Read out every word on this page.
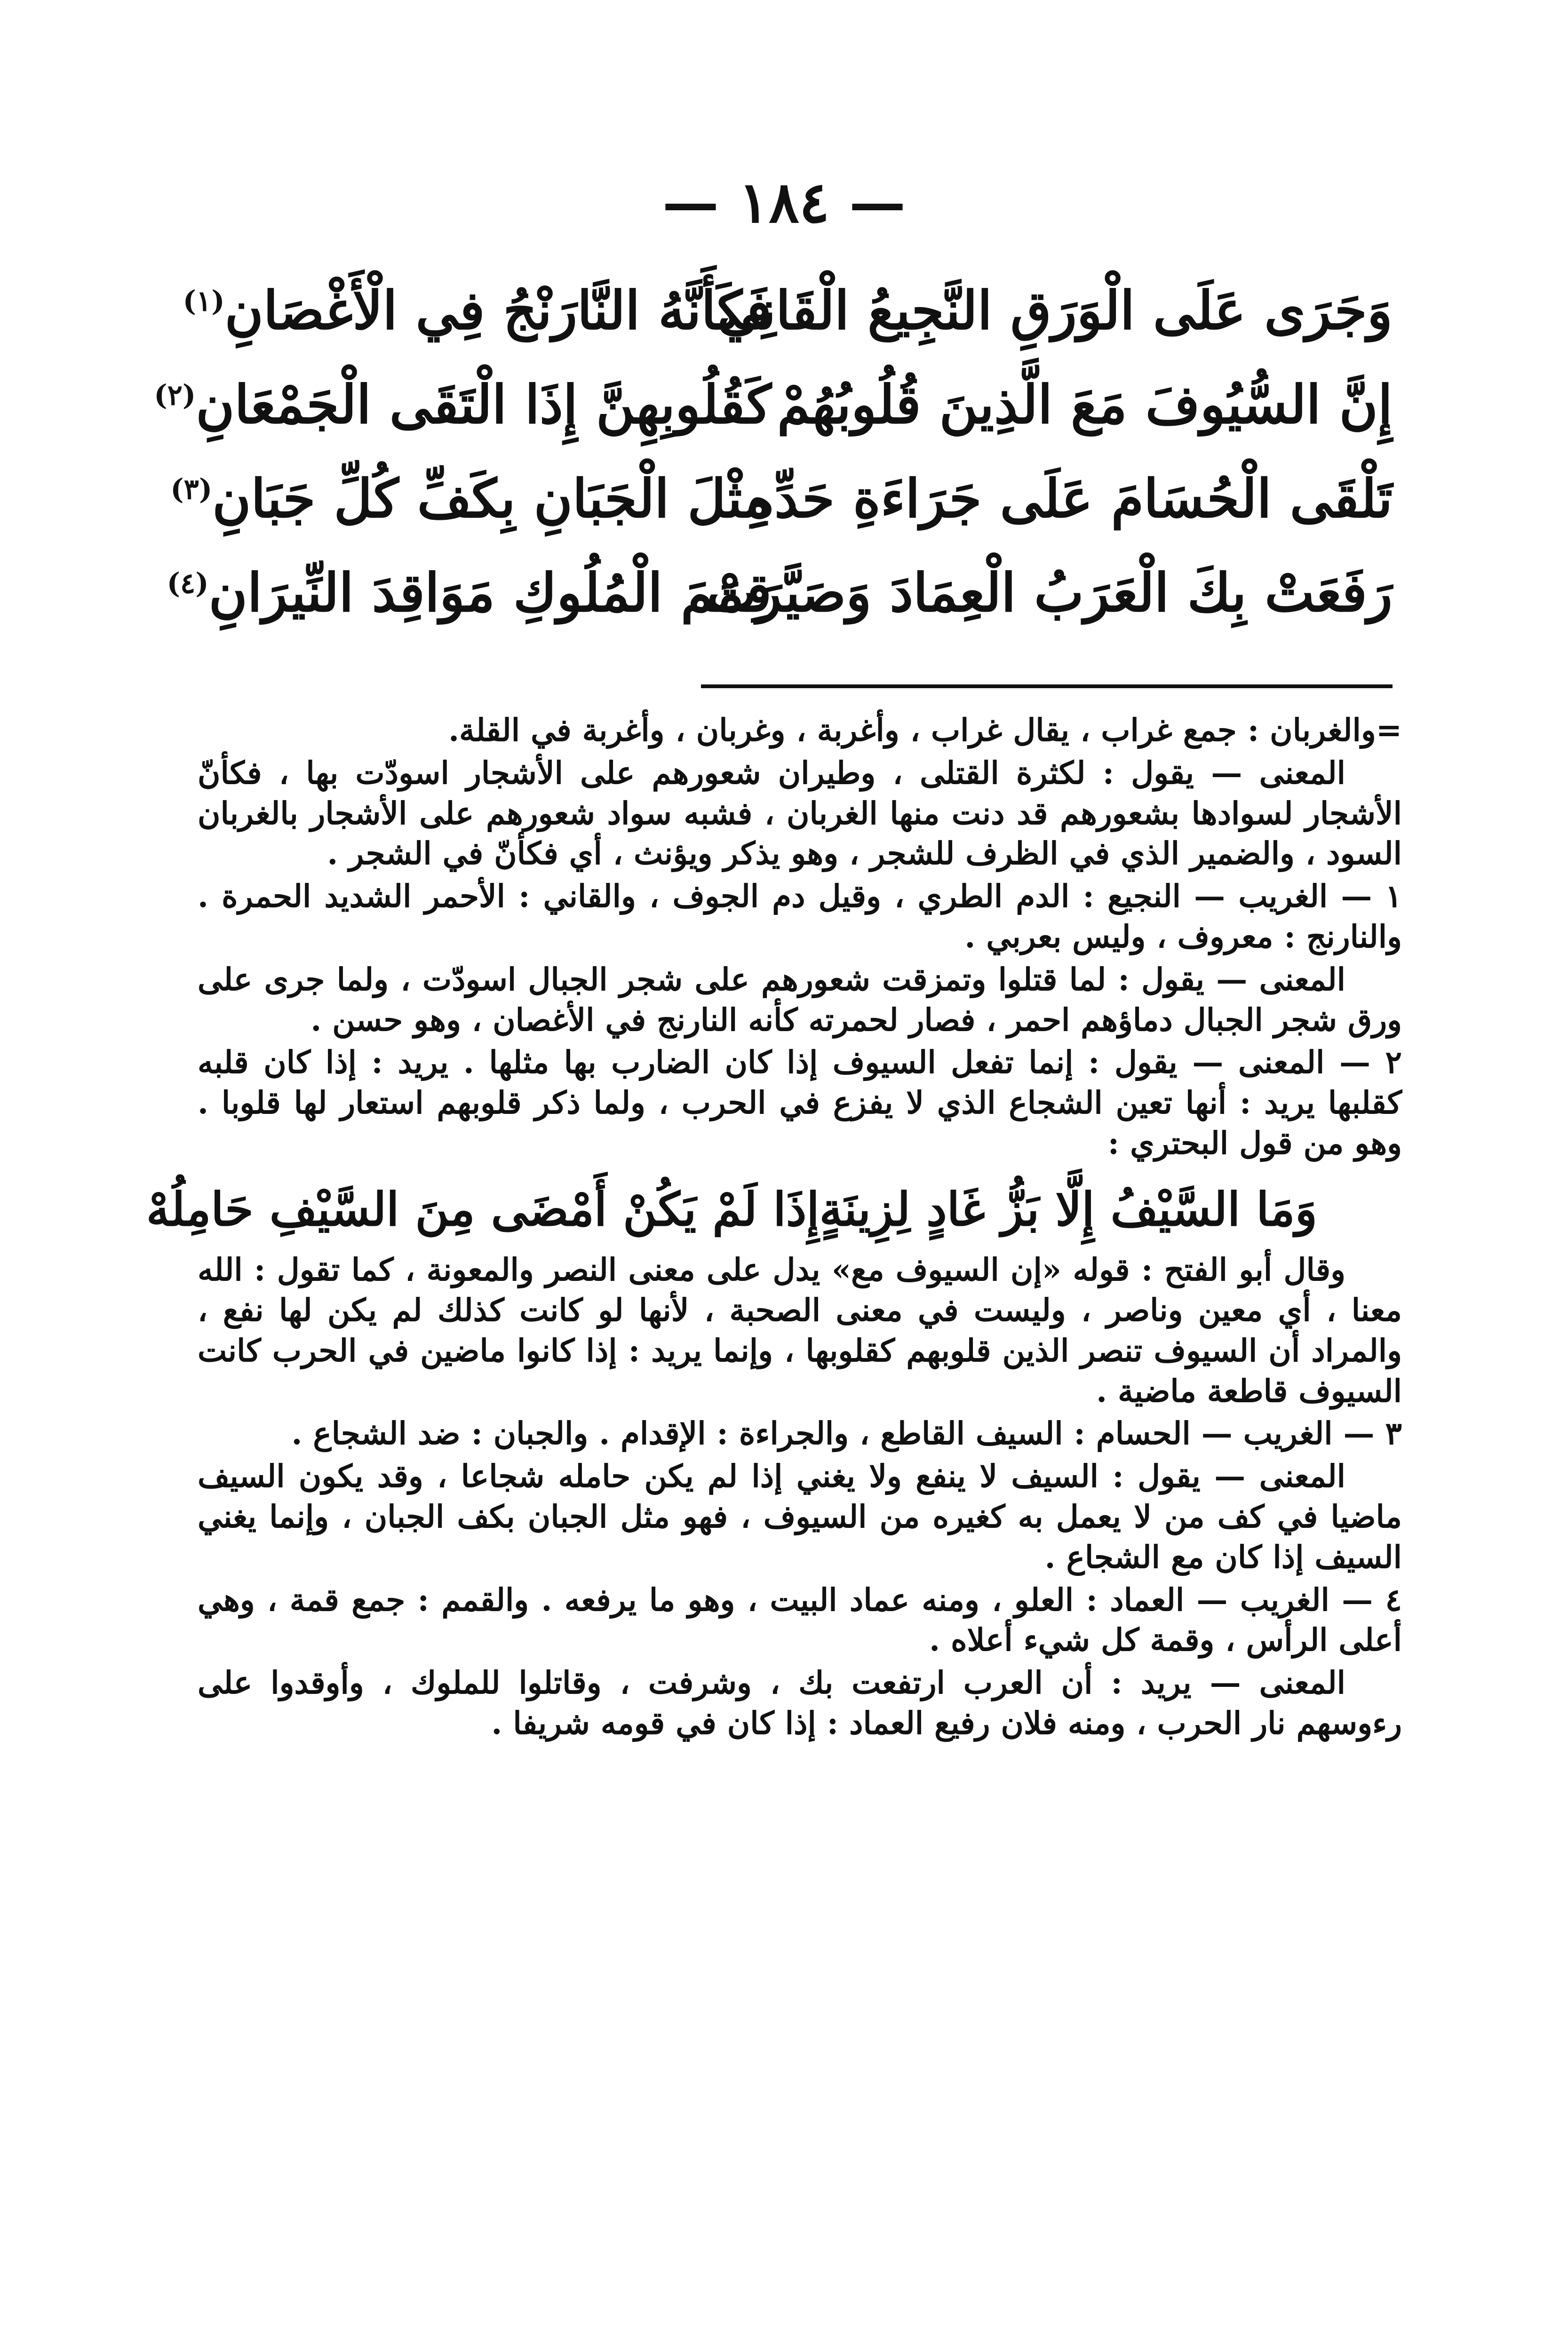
— ١٨٤ —
وَجَرَى عَلَى الْوَرَقِ النَّجِيعُ الْقَانِي
فَكَأَنَّهُ النَّارَنْجُ فِي الْأَغْصَانِ$^{(١)}$
إِنَّ السُّيُوفَ مَعَ الَّذِينَ قُلُوبُهُمْ
كَقُلُوبِهِنَّ إِذَا الْتَقَى الْجَمْعَانِ$^{(٢)}$
تَلْقَى الْحُسَامَ عَلَى جَرَاءَةِ حَدِّهِ
مِثْلَ الْجَبَانِ بِكَفِّ كُلِّ جَبَانِ$^{(٣)}$
رَفَعَتْ بِكَ الْعَرَبُ الْعِمَادَ وَصَيَّرَتْ
قِمَمَ الْمُلُوكِ مَوَاقِدَ النِّيرَانِ$^{(٤)}$

=والغربان : جمع غراب ، يقال غراب ، وأغربة ، وغربان ، وأغربة في القلة.

المعنى — يقول : لكثرة القتلى ، وطيران شعورهم على الأشجار اسودّت بها ، فكأنّ الأشجار لسوادها بشعورهم قد دنت منها الغربان ، فشبه سواد شعورهم على الأشجار بالغربان السود ، والضمير الذي في الظرف للشجر ، وهو يذكر ويؤنث ، أي فكأنّ في الشجر .

١ — الغريب — النجيع : الدم الطري ، وقيل دم الجوف ، والقاني : الأحمر الشديد الحمرة . والنارنج : معروف ، وليس بعربي .

المعنى — يقول : لما قتلوا وتمزقت شعورهم على شجر الجبال اسودّت ، ولما جرى على ورق شجر الجبال دماؤهم احمر ، فصار لحمرته كأنه النارنج في الأغصان ، وهو حسن .

٢ — المعنى — يقول : إنما تفعل السيوف إذا كان الضارب بها مثلها . يريد : إذا كان قلبه كقلبها يريد : أنها تعين الشجاع الذي لا يفزع في الحرب ، ولما ذكر قلوبهم استعار لها قلوبا . وهو من قول البحتري :

وَمَا السَّيْفُ إِلَّا بَزُّ غَادٍ لِزِينَةٍ
إِذَا لَمْ يَكُنْ أَمْضَى مِنَ السَّيْفِ حَامِلُهْ

وقال أبو الفتح : قوله «إن السيوف مع» يدل على معنى النصر والمعونة ، كما تقول : الله معنا ، أي معين وناصر ، وليست في معنى الصحبة ، لأنها لو كانت كذلك لم يكن لها نفع ، والمراد أن السيوف تنصر الذين قلوبهم كقلوبها ، وإنما يريد : إذا كانوا ماضين في الحرب كانت السيوف قاطعة ماضية .

٣ — الغريب — الحسام : السيف القاطع ، والجراءة : الإقدام . والجبان : ضد الشجاع .

المعنى — يقول : السيف لا ينفع ولا يغني إذا لم يكن حامله شجاعا ، وقد يكون السيف ماضيا في كف من لا يعمل به كغيره من السيوف ، فهو مثل الجبان بكف الجبان ، وإنما يغني السيف إذا كان مع الشجاع .

٤ — الغريب — العماد : العلو ، ومنه عماد البيت ، وهو ما يرفعه . والقمم : جمع قمة ، وهي أعلى الرأس ، وقمة كل شيء أعلاه .

المعنى — يريد : أن العرب ارتفعت بك ، وشرفت ، وقاتلوا للملوك ، وأوقدوا على رءوسهم نار الحرب ، ومنه فلان رفيع العماد : إذا كان في قومه شريفا .
